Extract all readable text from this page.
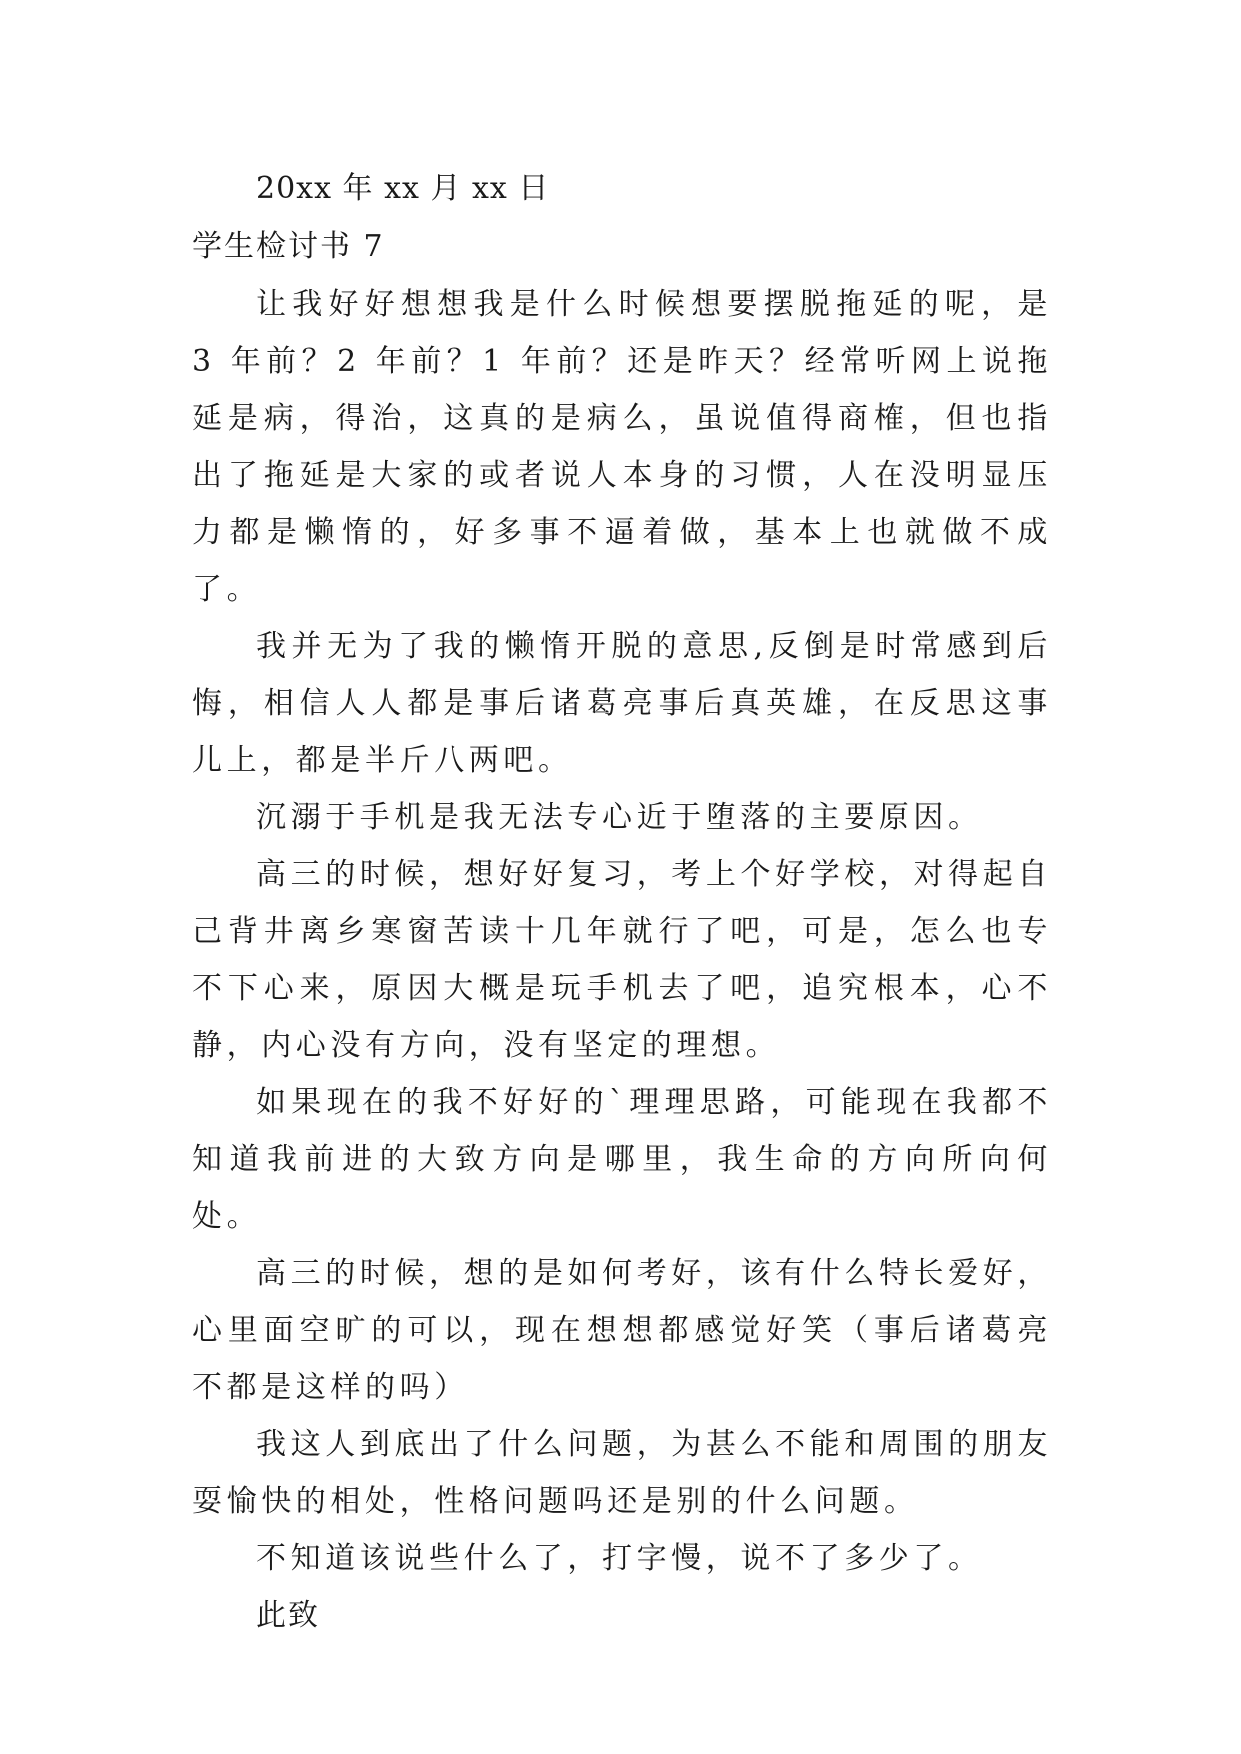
20xx 年 xx 月 xx 日
学生检讨书 7

让我好好想想我是什么时候想要摆脱拖延的呢，是 3 年前？2 年前？1 年前？还是昨天？经常听网上说拖延是病，得治，这真的是病么，虽说值得商榷，但也指出了拖延是大家的或者说人本身的习惯，人在没明显压力都是懒惰的，好多事不逼着做，基本上也就做不成了。

我并无为了我的懒惰开脱的意思,反倒是时常感到后悔，相信人人都是事后诸葛亮事后真英雄，在反思这事儿上，都是半斤八两吧。

沉溺于手机是我无法专心近于堕落的主要原因。

高三的时候，想好好复习，考上个好学校，对得起自己背井离乡寒窗苦读十几年就行了吧，可是，怎么也专不下心来，原因大概是玩手机去了吧，追究根本，心不静，内心没有方向，没有坚定的理想。

如果现在的我不好好的`理理思路，可能现在我都不知道我前进的大致方向是哪里，我生命的方向所向何处。

高三的时候，想的是如何考好，该有什么特长爱好，心里面空旷的可以，现在想想都感觉好笑（事后诸葛亮不都是这样的吗）

我这人到底出了什么问题，为甚么不能和周围的朋友耍愉快的相处，性格问题吗还是别的什么问题。

不知道该说些什么了，打字慢，说不了多少了。

此致
